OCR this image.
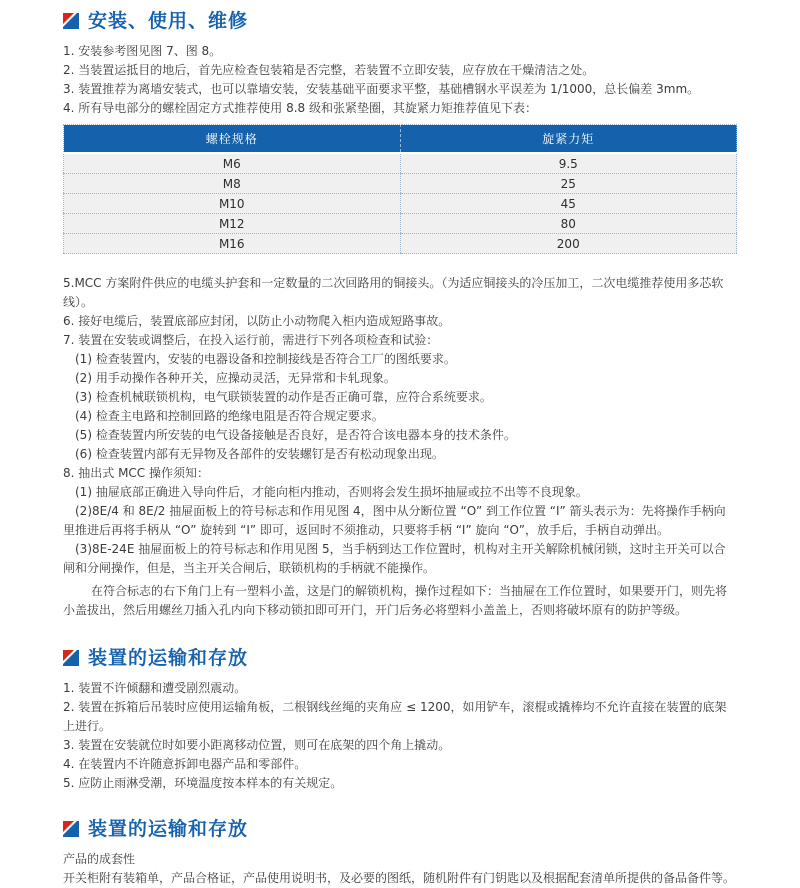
安装、使用、维修

1. 安装参考图见图 7、图 8。

2. 当装置运抵目的地后，首先应检查包装箱是否完整，若装置不立即安装，应存放在干燥清洁之处。

3. 装置推荐为离墙安装式，也可以靠墙安装，安装基础平面要求平整，基础槽钢水平误差为 1/1000，总长偏差 3mm。

4. 所有导电部分的螺栓固定方式推荐使用 8.8 级和张紧垫圈，其旋紧力矩推荐值见下表：

螺栓规格	旋紧力矩
M6	9.5
M8	25
M10	45
M12	80
M16	200

5.MCC 方案附件供应的电缆头护套和一定数量的二次回路用的铜接头。（为适应铜接头的冷压加工，二次电缆推荐使用多芯软线）。

6. 接好电缆后，装置底部应封闭，以防止小动物爬入柜内造成短路事故。

7. 装置在安装或调整后，在投入运行前，需进行下列各项检查和试验：

(1) 检查装置内，安装的电器设备和控制接线是否符合工厂的图纸要求。

(2) 用手动操作各种开关，应操动灵活，无异常和卡轧现象。

(3) 检查机械联锁机构，电气联锁装置的动作是否正确可靠，应符合系统要求。

(4) 检查主电路和控制回路的绝缘电阻是否符合规定要求。

(5) 检查装置内所安装的电气设备接触是否良好，是否符合该电器本身的技术条件。

(6) 检查装置内部有无异物及各部件的安装螺钉是否有松动现象出现。

8. 抽出式 MCC 操作须知：

(1) 抽屉底部正确进入导向件后，才能向柜内推动，否则将会发生损坏抽屉或拉不出等不良现象。

(2)8E/4 和 8E/2 抽屉面板上的符号标志和作用见图 4，图中从分断位置 “O” 到工作位置 “I” 箭头表示为：先将操作手柄向里推进后再将手柄从 “O” 旋转到 “I” 即可，返回时不须推动，只要将手柄 “I” 旋向 “O”，放手后，手柄自动弹出。

(3)8E-24E 抽屉面板上的符号标志和作用见图 5，当手柄到达工作位置时，机构对主开关解除机械闭锁，这时主开关可以合闸和分闸操作，但是，当主开关合闸后，联锁机构的手柄就不能操作。

在符合标志的右下角门上有一塑料小盖，这是门的解锁机构，操作过程如下：当抽屉在工作位置时，如果要开门，则先将小盖拔出，然后用螺丝刀插入孔内向下移动锁扣即可开门，开门后务必将塑料小盖盖上，否则将破坏原有的防护等级。

装置的运输和存放

1. 装置不许倾翻和遭受剧烈震动。

2. 装置在拆箱后吊装时应使用运输角板，二根钢线丝绳的夹角应 ≤ 1200，如用铲车，滚棍或撬棒均不允许直接在装置的底架上进行。

3. 装置在安装就位时如要小距离移动位置，则可在底架的四个角上撬动。

4. 在装置内不许随意拆卸电器产品和零部件。

5. 应防止雨淋受潮，环境温度按本样本的有关规定。

装置的运输和存放

产品的成套性

开关柜附有装箱单，产品合格证，产品使用说明书，及必要的图纸，随机附件有门钥匙以及根据配套清单所提供的备品备件等。
